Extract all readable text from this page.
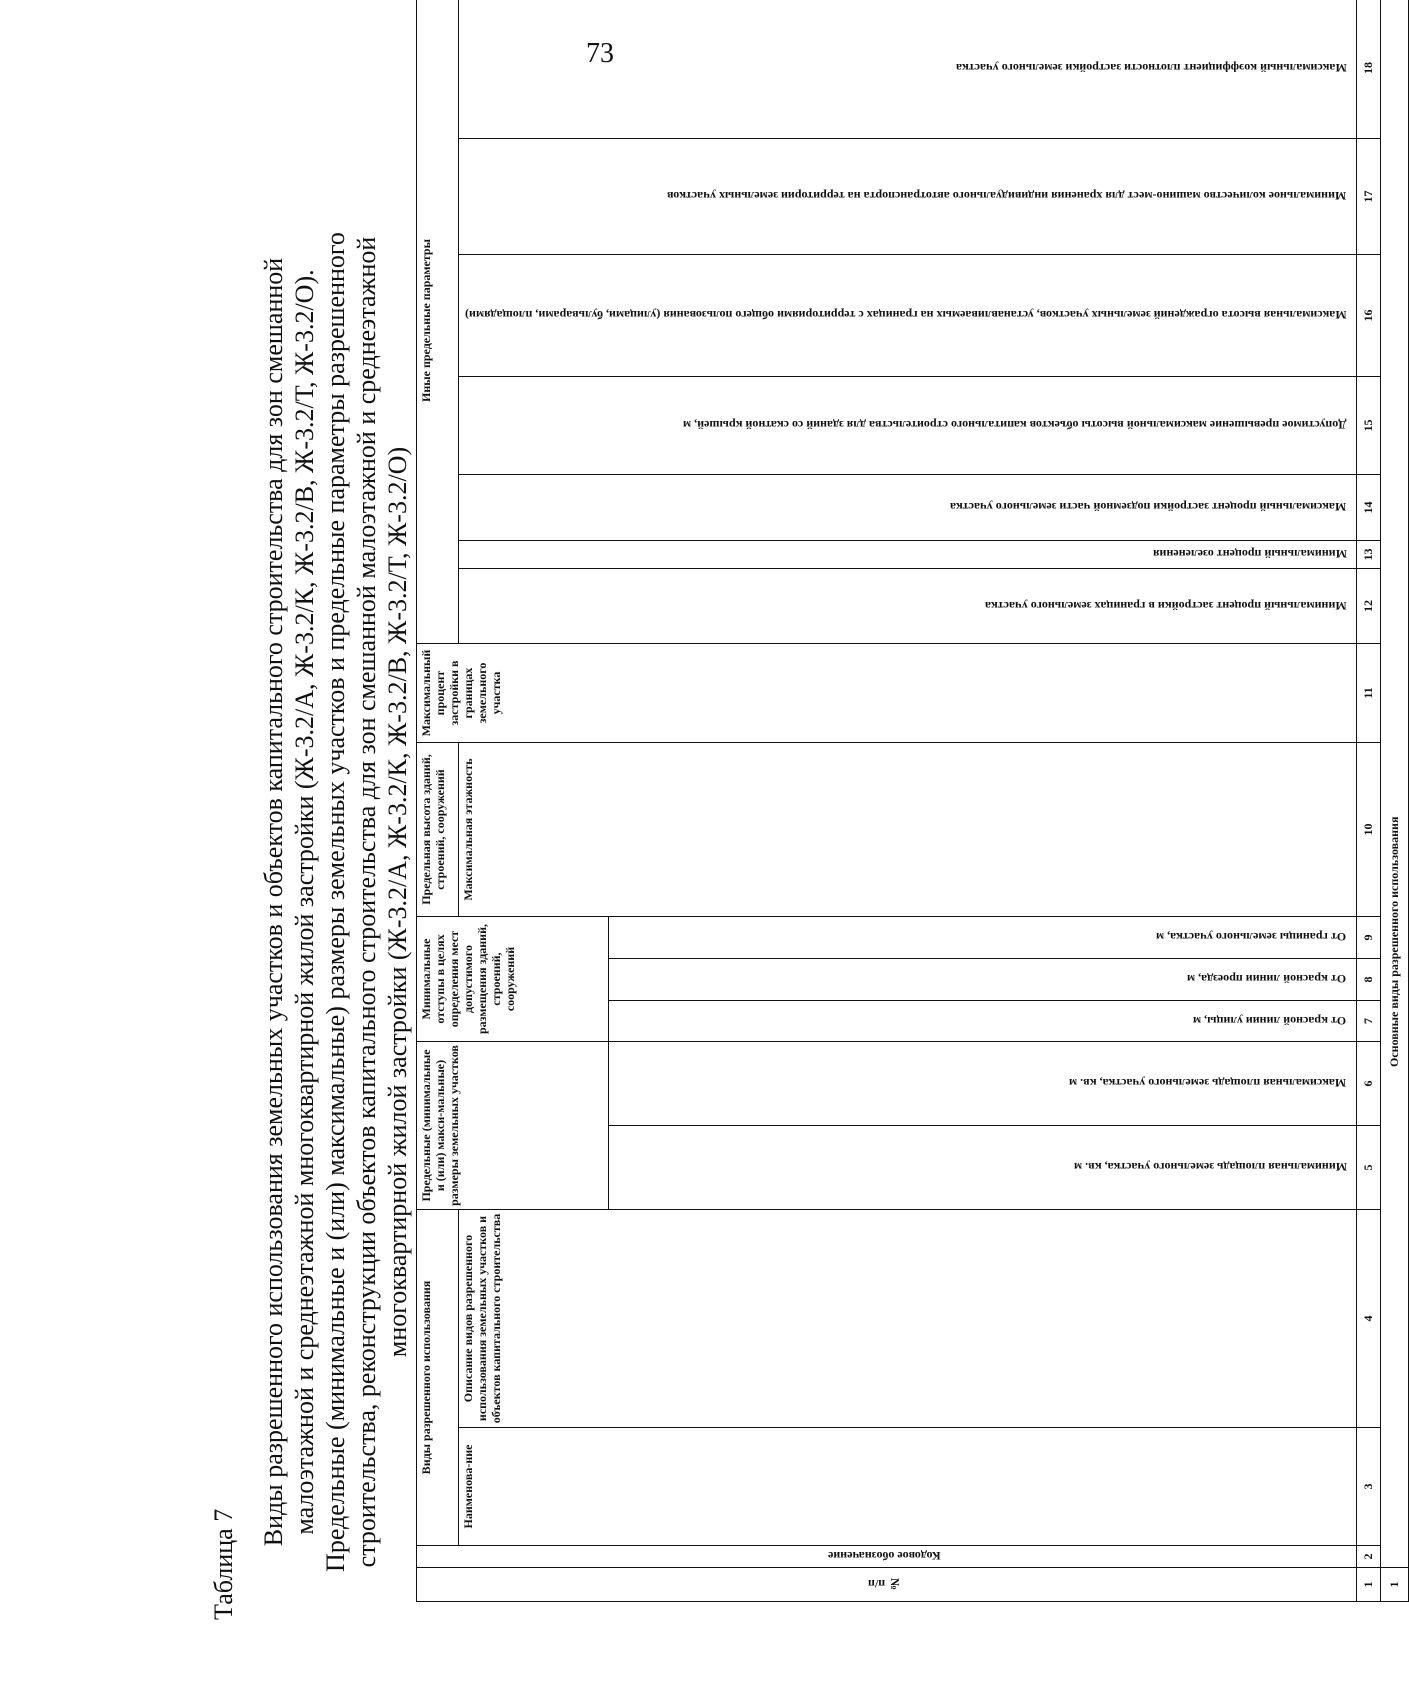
73
Таблица 7
Виды разрешенного использования земельных участков и объектов капитального строительства для зон смешанной малоэтажной и среднеэтажной многоквартирной жилой застройки (Ж-3.2/А, Ж-3.2/К, Ж-3.2/В, Ж-3.2/Т, Ж-3.2/О). Предельные (минимальные и (или) максимальные) размеры земельных участков и предельные параметры разрешенного строительства, реконструкции объектов капитального строительства для зон смешанной малоэтажной и среднеэтажной многоквартирной жилой застройки (Ж-3.2/А, Ж-3.2/К, Ж-3.2/В, Ж-3.2/Т, Ж-3.2/О)
№ п/п	Кодовое обозначение	Виды разрешенного использования		Предельные (минимальные и (или) макси-мальные) размеры земельных участков		Минимальные отступы в целях определения мест допустимого размещения зданий, строений, сооружений			Предельная высота зданий, строений, сооружений	Максимальный процент застройки в границах земельного участка	Иные предельные параметры						
		Наименова-ние	Описание видов разрешенного использования земельных участков и объектов капитального строительства						Максимальная этажность		Минимальный процент застройки в границах земельного участка	Минимальный процент озеленения	Максимальный процент застройки подземной части земельного участка	Допустимое превышение максимальной высоты объектов капитального строительства для зданий со скатной крышей, м	Максимальная высота ограждений земельных участков, устанавливаемых на границах с территориями общего пользования (улицами, бульварами, площадями)	Минимальное количество машино-мест для хранения индивидуального автотранспорта на территории земельных участков	Максимальный коэффициент плотности застройки земельного участка
				Минимальная площадь земельного участка, кв. м	Максимальная площадь земельного участка, кв. м	От красной линии улицы, м	От красной линии проезда, м	От границы земельного участка, м									
1	2	3	4	5	6	7	8	9	10	11	12	13	14	15	16	17	18
1	Основные виды разрешенного использования																
